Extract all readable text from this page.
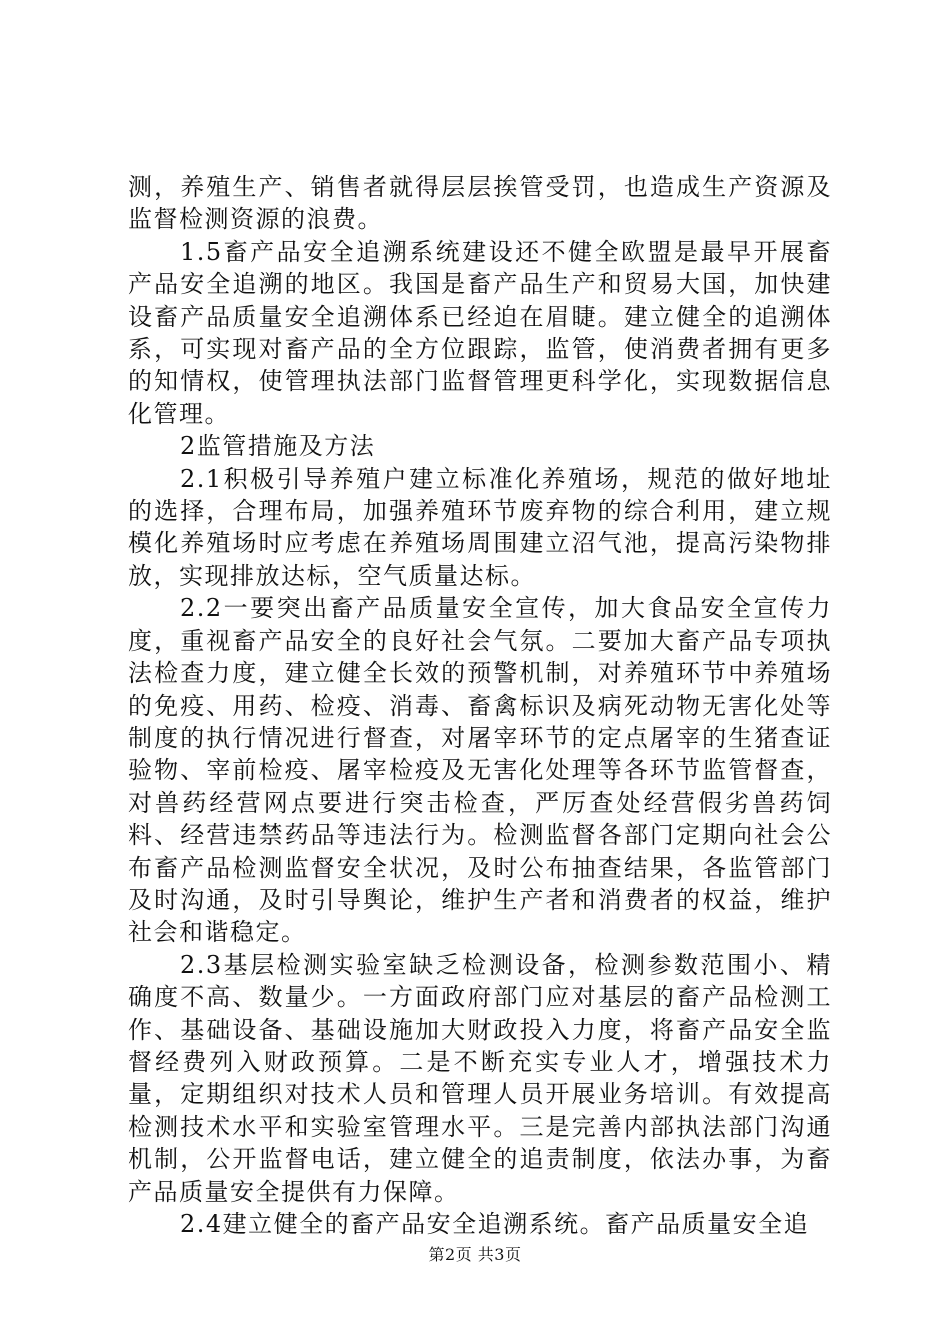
测，养殖生产、销售者就得层层挨管受罚，也造成生产资源及监督检测资源的浪费。

1.5畜产品安全追溯系统建设还不健全欧盟是最早开展畜产品安全追溯的地区。我国是畜产品生产和贸易大国，加快建设畜产品质量安全追溯体系已经迫在眉睫。建立健全的追溯体系，可实现对畜产品的全方位跟踪，监管，使消费者拥有更多的知情权，使管理执法部门监督管理更科学化，实现数据信息化管理。

2监管措施及方法

2.1积极引导养殖户建立标准化养殖场，规范的做好地址的选择，合理布局，加强养殖环节废弃物的综合利用，建立规模化养殖场时应考虑在养殖场周围建立沼气池，提高污染物排放，实现排放达标，空气质量达标。

2.2一要突出畜产品质量安全宣传，加大食品安全宣传力度，重视畜产品安全的良好社会气氛。二要加大畜产品专项执法检查力度，建立健全长效的预警机制，对养殖环节中养殖场的免疫、用药、检疫、消毒、畜禽标识及病死动物无害化处等制度的执行情况进行督查，对屠宰环节的定点屠宰的生猪查证验物、宰前检疫、屠宰检疫及无害化处理等各环节监管督查，对兽药经营网点要进行突击检查，严厉查处经营假劣兽药饲料、经营违禁药品等违法行为。检测监督各部门定期向社会公布畜产品检测监督安全状况，及时公布抽查结果，各监管部门及时沟通，及时引导舆论，维护生产者和消费者的权益，维护社会和谐稳定。

2.3基层检测实验室缺乏检测设备，检测参数范围小、精确度不高、数量少。一方面政府部门应对基层的畜产品检测工作、基础设备、基础设施加大财政投入力度，将畜产品安全监督经费列入财政预算。二是不断充实专业人才，增强技术力量，定期组织对技术人员和管理人员开展业务培训。有效提高检测技术水平和实验室管理水平。三是完善内部执法部门沟通机制，公开监督电话，建立健全的追责制度，依法办事，为畜产品质量安全提供有力保障。

2.4建立健全的畜产品安全追溯系统。畜产品质量安全追

第2页 共3页
